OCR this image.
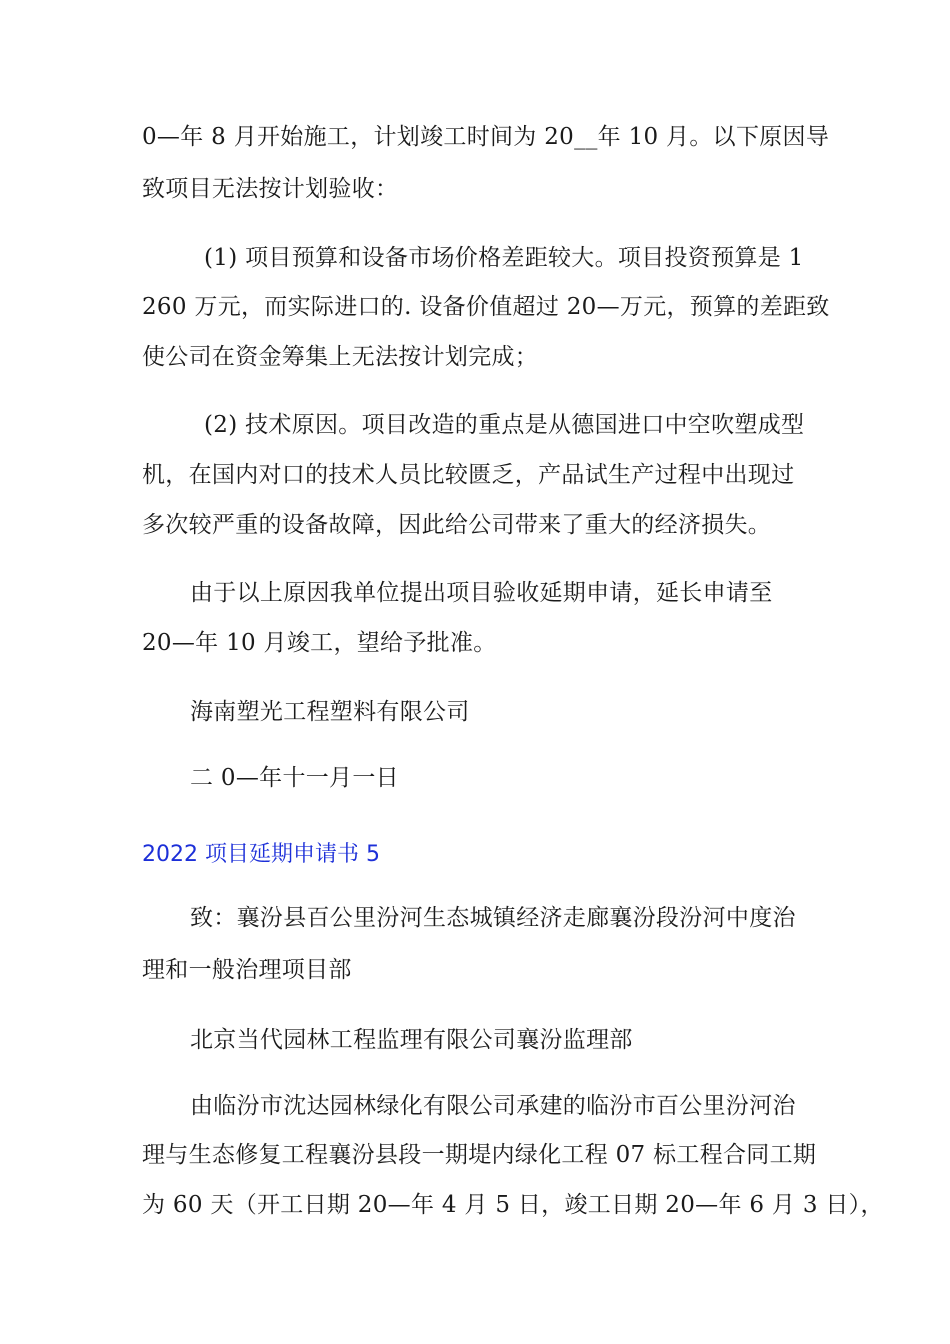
0—年 8 月开始施工，计划竣工时间为 20__年 10 月。以下原因导
致项目无法按计划验收：
(1) 项目预算和设备市场价格差距较大。项目投资预算是 1
260 万元，而实际进口的. 设备价值超过 20—万元，预算的差距致
使公司在资金筹集上无法按计划完成；
(2) 技术原因。项目改造的重点是从德国进口中空吹塑成型
机，在国内对口的技术人员比较匮乏，产品试生产过程中出现过
多次较严重的设备故障，因此给公司带来了重大的经济损失。
由于以上原因我单位提出项目验收延期申请，延长申请至
20—年 10 月竣工，望给予批准。
海南塑光工程塑料有限公司
二 0—年十一月一日
2022 项目延期申请书 5
致：襄汾县百公里汾河生态城镇经济走廊襄汾段汾河中度治
理和一般治理项目部
北京当代园林工程监理有限公司襄汾监理部
由临汾市沈达园林绿化有限公司承建的临汾市百公里汾河治
理与生态修复工程襄汾县段一期堤内绿化工程 07 标工程合同工期
为 60 天（开工日期 20—年 4 月 5 日，竣工日期 20—年 6 月 3 日），
